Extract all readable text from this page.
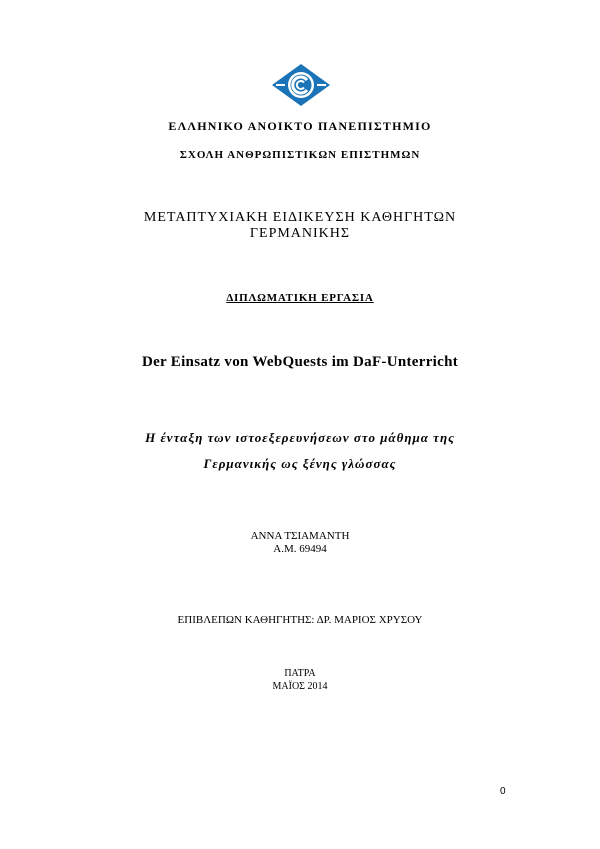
ΕΛΛΗΝΙΚΟ ΑΝΟΙΚΤΟ ΠΑΝΕΠΙΣΤΗΜΙΟ
ΣΧΟΛΗ ΑΝΘΡΩΠΙΣΤΙΚΩΝ ΕΠΙΣΤΗΜΩΝ
ΜΕΤΑΠΤΥΧΙΑΚΗ ΕΙΔΙΚΕΥΣΗ ΚΑΘΗΓΗΤΩΝ
ΓΕΡΜΑΝΙΚΗΣ
ΔΙΠΛΩΜΑΤΙΚΗ ΕΡΓΑΣΙΑ
Der Einsatz von WebQuests im DaF-Unterricht
Η ένταξη των ιστοεξερευνήσεων στο μάθημα της
Γερμανικής ως ξένης γλώσσας
ΑΝΝΑ ΤΣΙΑΜΑΝΤΗ
Α.Μ. 69494
ΕΠΙΒΛΕΠΩΝ ΚΑΘΗΓΗΤΗΣ: ΔΡ. ΜΑΡΙΟΣ ΧΡΥΣΟΥ
ΠΑΤΡΑ
ΜΑΪΟΣ 2014
0
